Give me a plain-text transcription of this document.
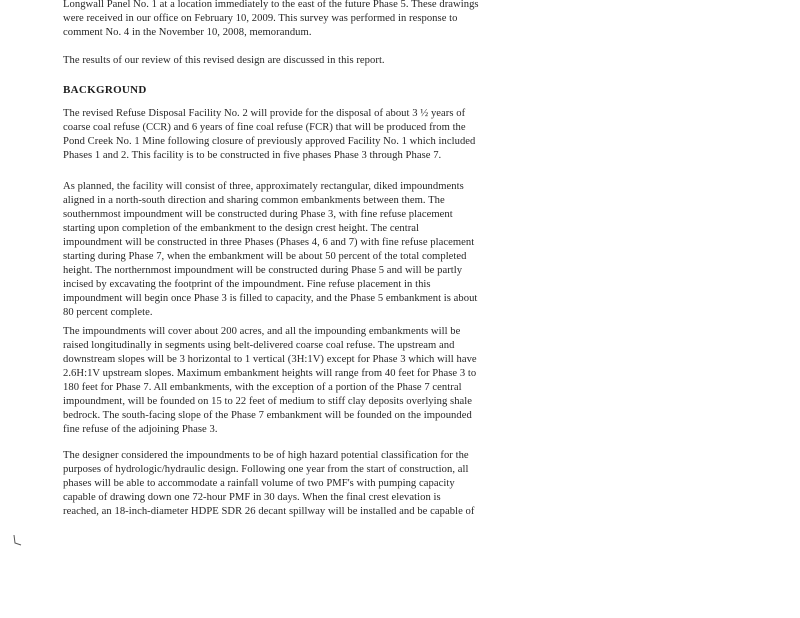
Longwall Panel No. 1 at a location immediately to the east of the future Phase 5. These drawings
were received in our office on February 10, 2009. This survey was performed in response to
comment No. 4 in the November 10, 2008, memorandum.
The results of our review of this revised design are discussed in this report.
BACKGROUND
The revised Refuse Disposal Facility No. 2 will provide for the disposal of about 3 ½ years of
coarse coal refuse (CCR) and 6 years of fine coal refuse (FCR) that will be produced from the
Pond Creek No. 1 Mine following closure of previously approved Facility No. 1 which included
Phases 1 and 2. This facility is to be constructed in five phases Phase 3 through Phase 7.
As planned, the facility will consist of three, approximately rectangular, diked impoundments
aligned in a north-south direction and sharing common embankments between them. The
southernmost impoundment will be constructed during Phase 3, with fine refuse placement
starting upon completion of the embankment to the design crest height. The central
impoundment will be constructed in three Phases (Phases 4, 6 and 7) with fine refuse placement
starting during Phase 7, when the embankment will be about 50 percent of the total completed
height. The northernmost impoundment will be constructed during Phase 5 and will be partly
incised by excavating the footprint of the impoundment. Fine refuse placement in this
impoundment will begin once Phase 3 is filled to capacity, and the Phase 5 embankment is about
80 percent complete.
The impoundments will cover about 200 acres, and all the impounding embankments will be
raised longitudinally in segments using belt-delivered coarse coal refuse. The upstream and
downstream slopes will be 3 horizontal to 1 vertical (3H:1V) except for Phase 3 which will have
2.6H:1V upstream slopes. Maximum embankment heights will range from 40 feet for Phase 3 to
180 feet for Phase 7. All embankments, with the exception of a portion of the Phase 7 central
impoundment, will be founded on 15 to 22 feet of medium to stiff clay deposits overlying shale
bedrock. The south-facing slope of the Phase 7 embankment will be founded on the impounded
fine refuse of the adjoining Phase 3.
The designer considered the impoundments to be of high hazard potential classification for the
purposes of hydrologic/hydraulic design. Following one year from the start of construction, all
phases will be able to accommodate a rainfall volume of two PMF's with pumping capacity
capable of drawing down one 72-hour PMF in 30 days. When the final crest elevation is
reached, an 18-inch-diameter HDPE SDR 26 decant spillway will be installed and be capable of
